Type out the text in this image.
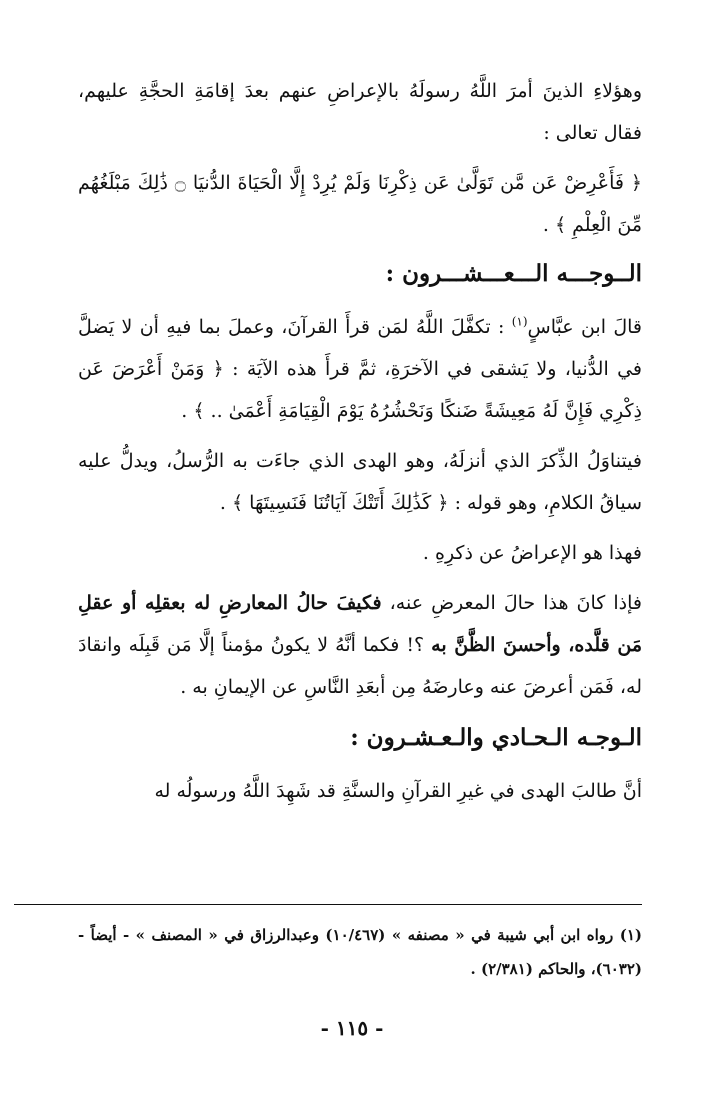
وهؤلاءِ الذينَ أمرَ اللَّهُ رسولَهُ بالإعراضِ عنهم بعدَ إقامَةِ الحجَّةِ عليهم، فقال تعالى :

﴿ فَأَعْرِضْ عَن مَّن تَوَلَّىٰ عَن ذِكْرِنَا وَلَمْ يُرِدْ إِلَّا الْحَيَاةَ الدُّنيَا ۝ ذَٰلِكَ مَبْلَغُهُم مِّنَ الْعِلْمِ ﴾ .

الــوجـــه الـــعـــشـــرون :

قالَ ابن عبَّاسٍ$^{(١)}$ : تكفَّلَ اللَّهُ لمَن قرأَ القرآنَ، وعملَ بما فيهِ أن لا يَضلَّ في الدُّنيا، ولا يَشقى في الآخرَةِ، ثمَّ قرأَ هذه الآيَة : ﴿ وَمَنْ أَعْرَضَ عَن ذِكْرِي فَإِنَّ لَهُ مَعِيشَةً ضَنكًا وَنَحْشُرُهُ يَوْمَ الْقِيَامَةِ أَعْمَىٰ .. ﴾ .

فيتناوَلُ الذِّكرَ الذي أنزلَهُ، وهو الهدى الذي جاءَت به الرُّسلُ، ويدلُّ عليه سياقُ الكلامِ، وهو قوله : ﴿ كَذَٰلِكَ أَتَتْكَ آيَاتُنَا فَنَسِيتَهَا ﴾ .

فهذا هو الإعراضُ عن ذكرِهِ .

فإذا كانَ هذا حالَ المعرضِ عنه، فكيفَ حالُ المعارضِ له بعقلِه أو عقلِ مَن قلَّده، وأحسنَ الظَّنَّ به ؟! فكما أنَّهُ لا يكونُ مؤمناً إلَّا مَن قَبِلَه وانقادَ له، فَمَن أعرضَ عنه وعارضَهُ مِن أبعَدِ النَّاسِ عن الإيمانِ به .

الـوجـه الـحـادي والـعـشـرون :

أنَّ طالبَ الهدى في غيرِ القرآنِ والسنَّةِ قد شَهِدَ اللَّهُ ورسولُه له

(١) رواه ابن أبي شيبة في « مصنفه » (١٠/٤٦٧) وعبدالرزاق في « المصنف » - أيضاً - (٦٠٣٢)، والحاكم (٢/٣٨١) .
- ١١٥ -
